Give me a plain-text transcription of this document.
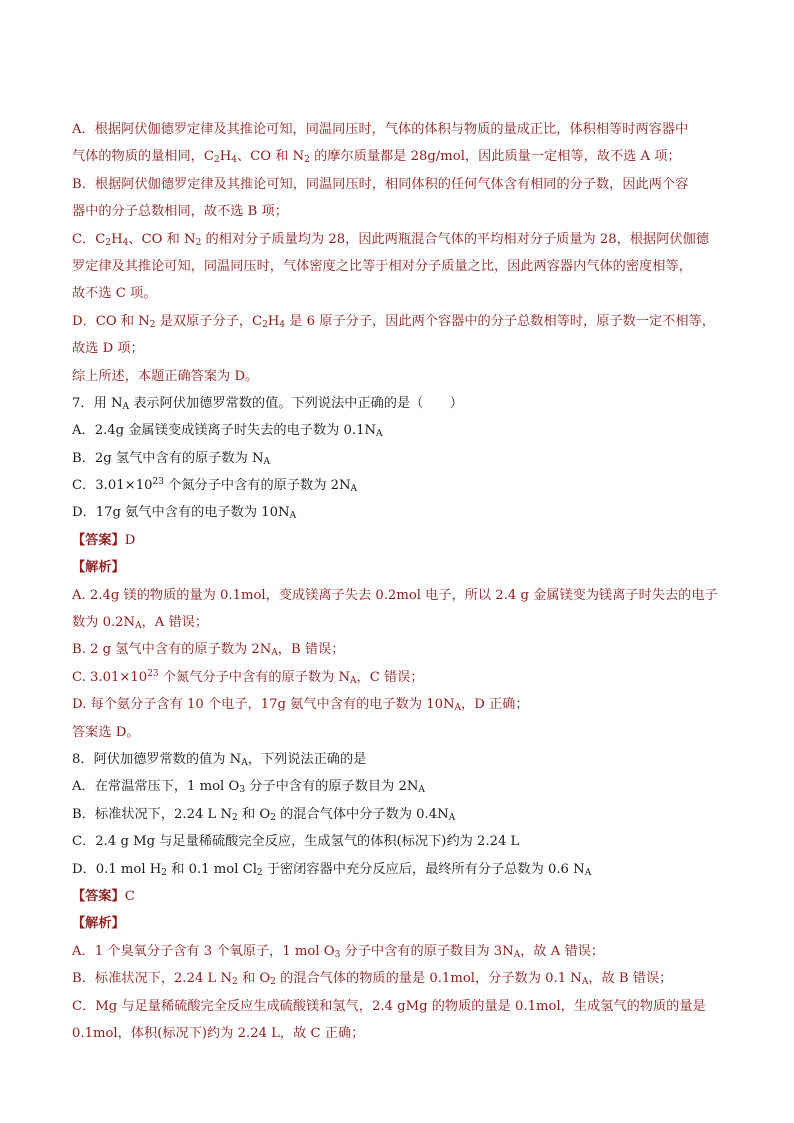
A．根据阿伏伽德罗定律及其推论可知，同温同压时，气体的体积与物质的量成正比，体积相等时两容器中
气体的物质的量相同，$C_2H_4$、CO 和 $N_2$ 的摩尔质量都是 28g/mol，因此质量一定相等，故不选 A 项；
B．根据阿伏伽德罗定律及其推论可知，同温同压时，相同体积的任何气体含有相同的分子数，因此两个容
器中的分子总数相同，故不选 B 项；
C．$C_2H_4$、CO 和 $N_2$ 的相对分子质量均为 28，因此两瓶混合气体的平均相对分子质量为 28，根据阿伏伽德
罗定律及其推论可知，同温同压时，气体密度之比等于相对分子质量之比，因此两容器内气体的密度相等，
故不选 C 项。
D．CO 和 $N_2$ 是双原子分子，$C_2H_4$ 是 6 原子分子，因此两个容器中的分子总数相等时，原子数一定不相等，
故选 D 项；
综上所述，本题正确答案为 D。
7．用 $N_A$ 表示阿伏加德罗常数的值。下列说法中正确的是（　　）
A．2.4g 金属镁变成镁离子时失去的电子数为 $0.1N_A$
B．2g 氢气中含有的原子数为 $N_A$
C．$3.01\times 10^{23}$ 个氮分子中含有的原子数为 $2N_A$
D．17g 氨气中含有的电子数为 $10N_A$
【答案】D
【解析】
A. 2.4g 镁的物质的量为 0.1mol，变成镁离子失去 0.2mol 电子，所以 2.4 g 金属镁变为镁离子时失去的电子
数为 $0.2N_A$，A 错误；
B. 2 g 氢气中含有的原子数为 $2N_A$，B 错误；
C. $3.01\times 10^{23}$ 个氮气分子中含有的原子数为 $N_A$，C 错误；
D. 每个氨分子含有 10 个电子，17g 氨气中含有的电子数为 $10N_A$，D 正确；
答案选 D。
8．阿伏加德罗常数的值为 $N_A$，下列说法正确的是
A．在常温常压下，1 mol $O_3$ 分子中含有的原子数目为 $2N_A$
B．标准状况下，2.24 L $N_2$ 和 $O_2$ 的混合气体中分子数为 $0.4N_A$
C．2.4 g Mg 与足量稀硫酸完全反应，生成氢气的体积(标况下)约为 2.24 L
D．0.1 mol $H_2$ 和 0.1 mol $Cl_2$ 于密闭容器中充分反应后，最终所有分子总数为 0.6 $N_A$
【答案】C
【解析】
A．1 个臭氧分子含有 3 个氧原子，1 mol $O_3$ 分子中含有的原子数目为 $3N_A$，故 A 错误；
B．标准状况下，2.24 L $N_2$ 和 $O_2$ 的混合气体的物质的量是 0.1mol，分子数为 0.1 $N_A$，故 B 错误；
C．Mg 与足量稀硫酸完全反应生成硫酸镁和氢气，2.4 gMg 的物质的量是 0.1mol，生成氢气的物质的量是
0.1mol，体积(标况下)约为 2.24 L，故 C 正确；
